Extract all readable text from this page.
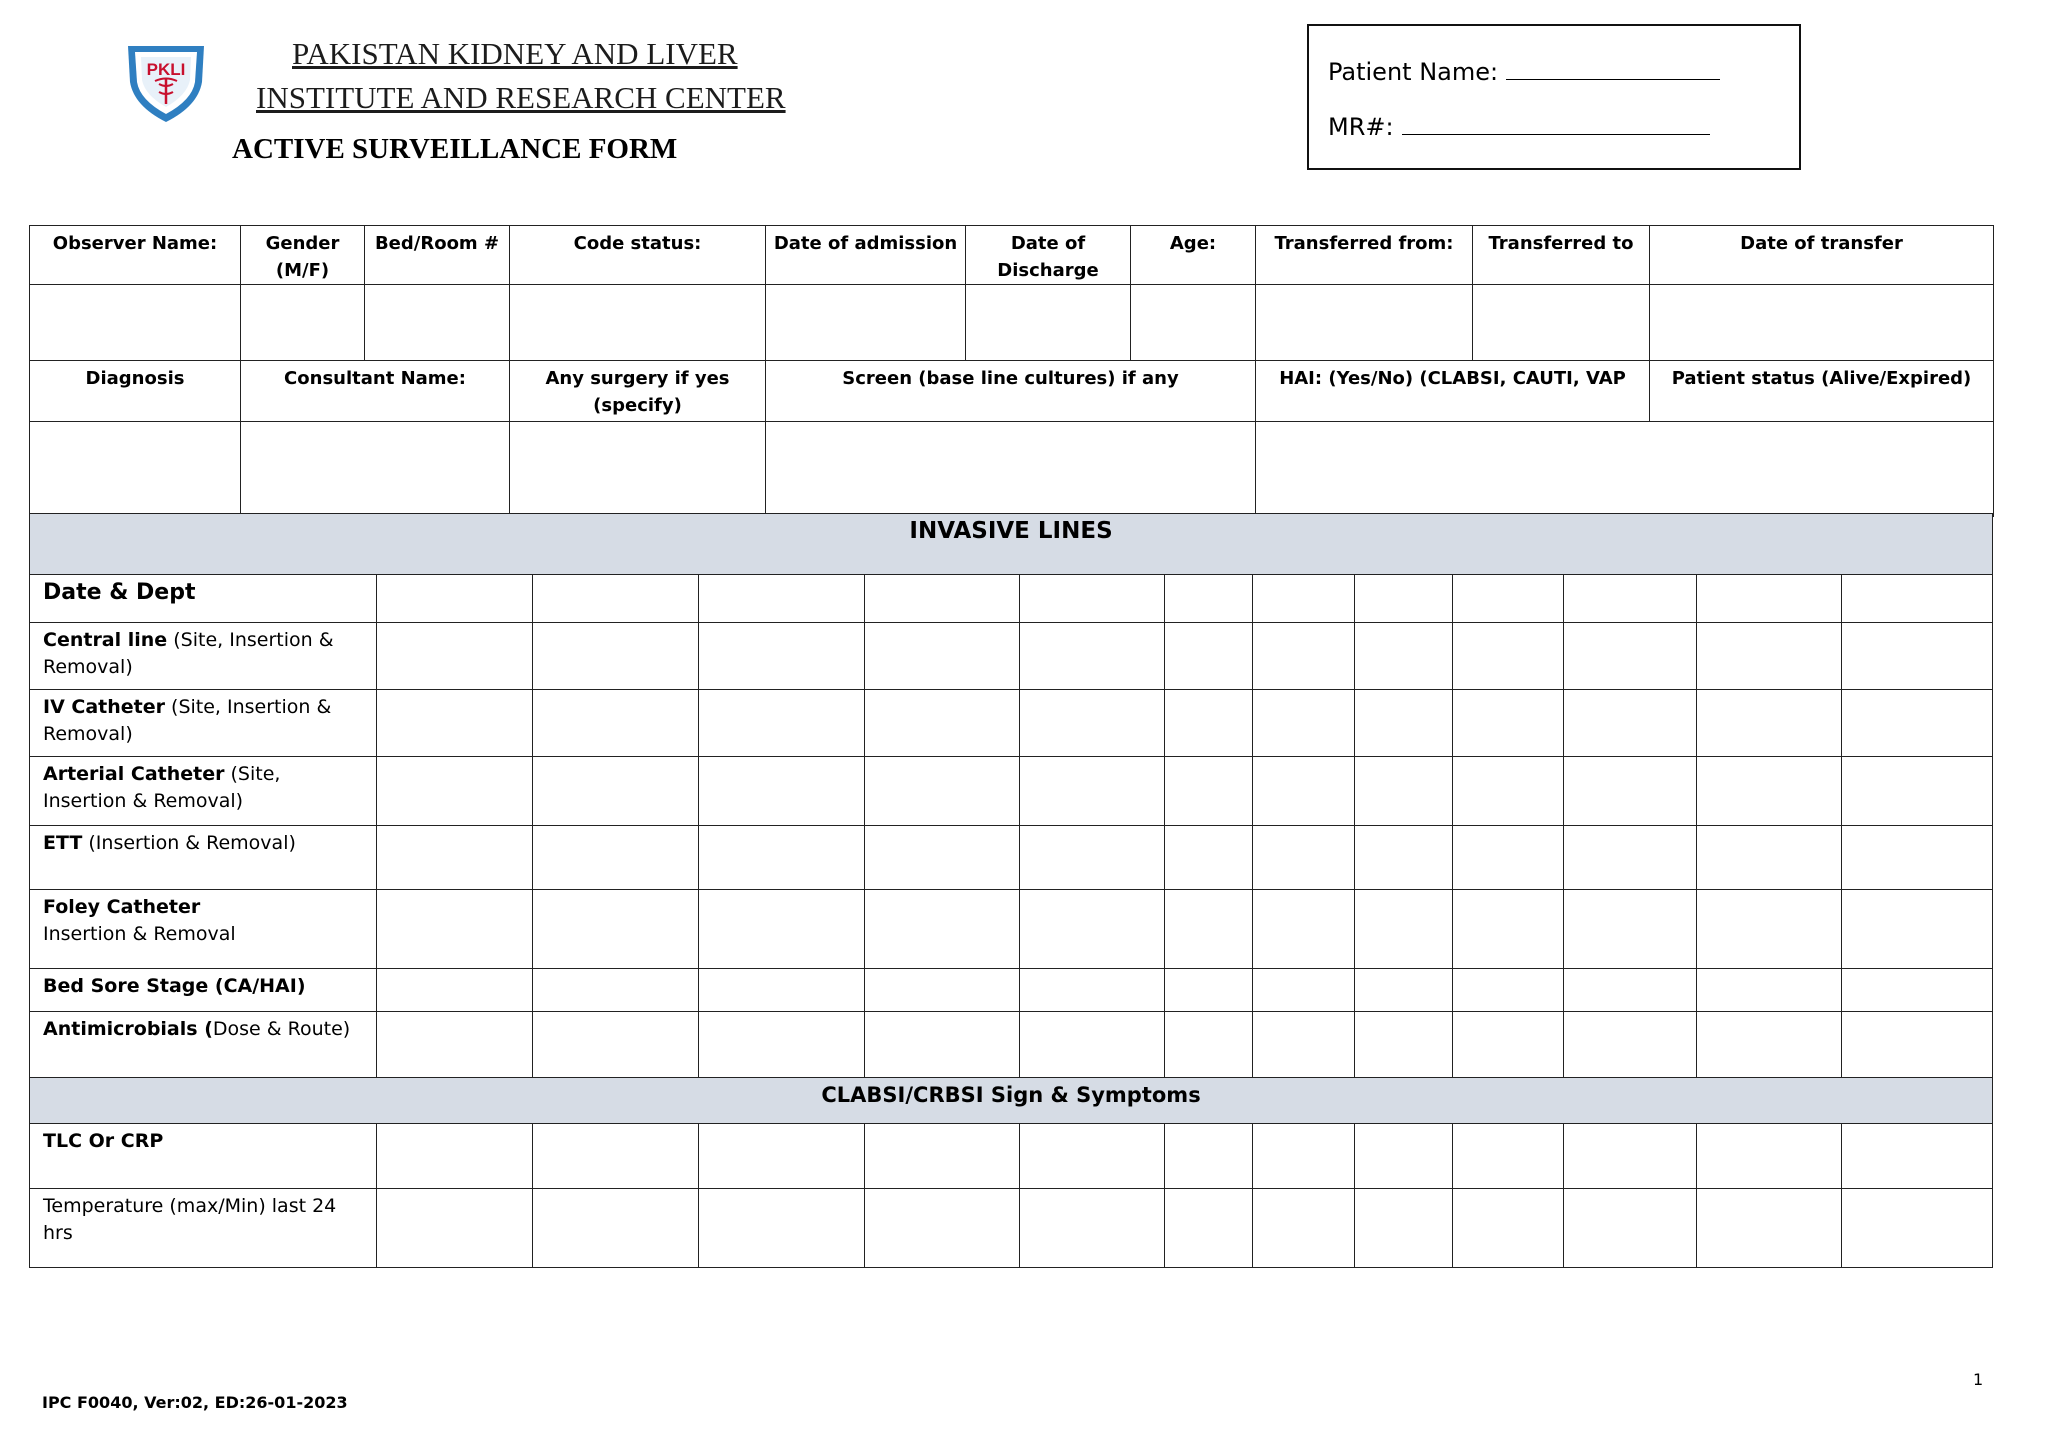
PKLI	PAKISTAN KIDNEY AND LIVER
INSTITUTE AND RESEARCH CENTER
ACTIVE SURVEILLANCE FORM
Patient Name:
MR#:
Observer Name:	Gender (M/F)	Bed/Room #	Code status:	Date of admission	Date of Discharge	Age:	Transferred from:	Transferred to	Date of transfer

Diagnosis	Consultant Name:		Any surgery if yes (specify)	Screen (base line cultures) if any			HAI: (Yes/No) (CLABSI, CAUTI, VAP		Patient status (Alive/Expired)

INVASIVE LINES												
Date & Dept												
Central line (Site, Insertion & Removal)												
IV Catheter (Site, Insertion & Removal)												
Arterial Catheter (Site, Insertion & Removal)												
ETT (Insertion & Removal)												
Foley Catheter
Insertion & Removal												

Bed Sore Stage (CA/HAI)												
Antimicrobials (Dose & Route)												
CLABSI/CRBSI Sign & Symptoms												
TLC Or CRP												
Temperature (max/Min) last 24 hrs												
IPC F0040, Ver:02, ED:26-01-2023
1
